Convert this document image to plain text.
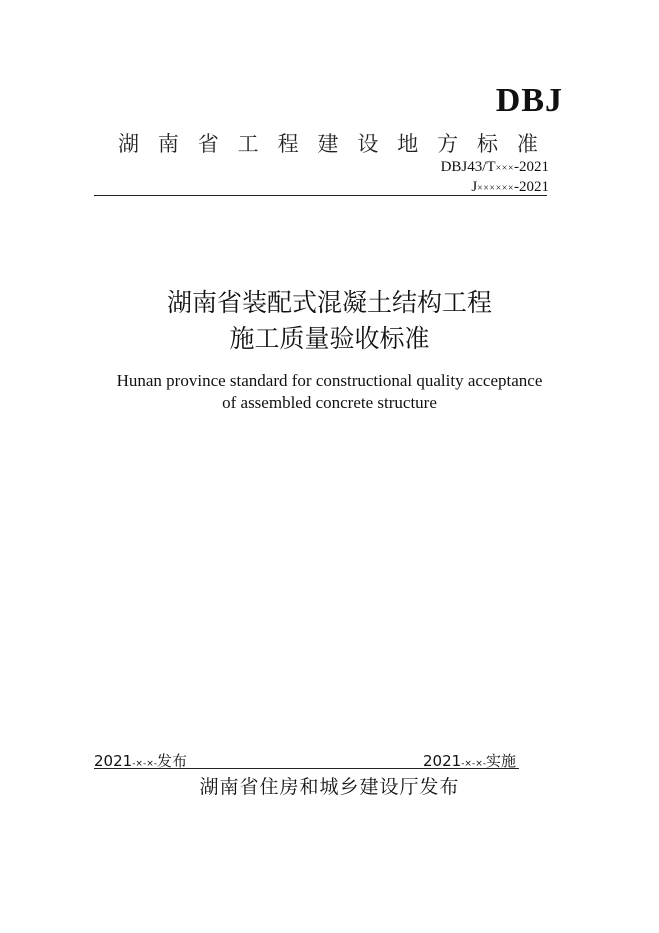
DBJ
湖 南 省 工 程 建 设 地 方 标 准
DBJ43/T×××-2021
J××××××-2021
湖南省装配式混凝土结构工程
施工质量验收标准
Hunan province standard for constructional quality acceptance
of assembled concrete structure
2021-×-×-发布	2021-×-×-实施
湖南省住房和城乡建设厅发布
